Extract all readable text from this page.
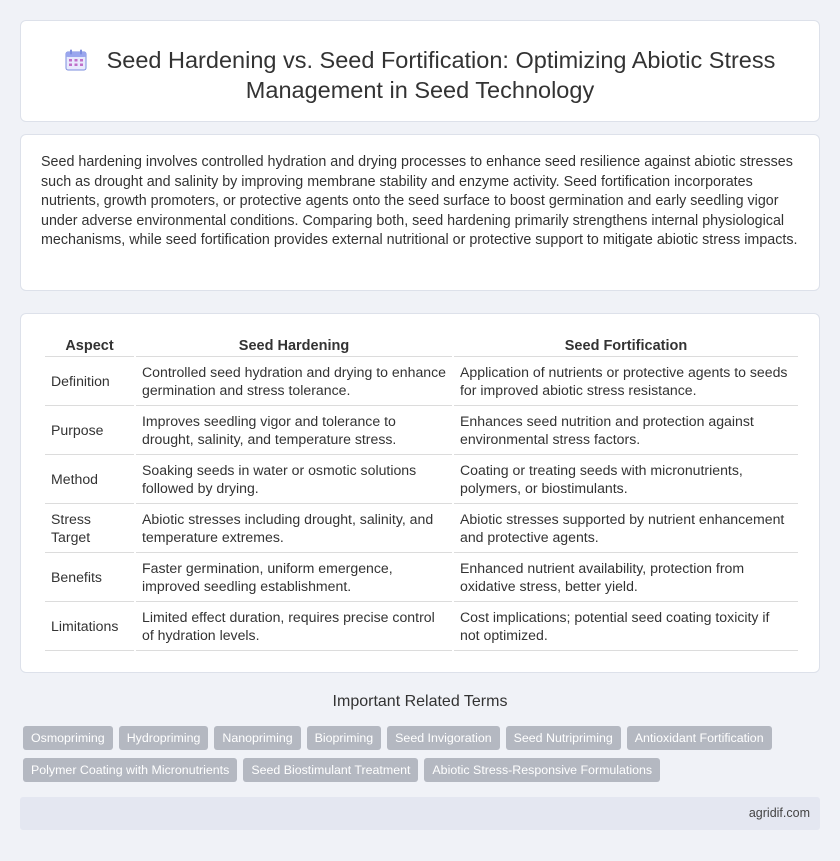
Seed Hardening vs. Seed Fortification: Optimizing Abiotic Stress Management in Seed Technology

Seed hardening involves controlled hydration and drying processes to enhance seed resilience against abiotic stresses such as drought and salinity by improving membrane stability and enzyme activity. Seed fortification incorporates nutrients, growth promoters, or protective agents onto the seed surface to boost germination and early seedling vigor under adverse environmental conditions. Comparing both, seed hardening primarily strengthens internal physiological mechanisms, while seed fortification provides external nutritional or protective support to mitigate abiotic stress impacts.

Aspect	Seed Hardening	Seed Fortification
Definition	Controlled seed hydration and drying to enhance germination and stress tolerance.	Application of nutrients or protective agents to seeds for improved abiotic stress resistance.
Purpose	Improves seedling vigor and tolerance to drought, salinity, and temperature stress.	Enhances seed nutrition and protection against environmental stress factors.
Method	Soaking seeds in water or osmotic solutions followed by drying.	Coating or treating seeds with micronutrients, polymers, or biostimulants.
Stress Target	Abiotic stresses including drought, salinity, and temperature extremes.	Abiotic stresses supported by nutrient enhancement and protective agents.
Benefits	Faster germination, uniform emergence, improved seedling establishment.	Enhanced nutrient availability, protection from oxidative stress, better yield.
Limitations	Limited effect duration, requires precise control of hydration levels.	Cost implications; potential seed coating toxicity if not optimized.
Important Related Terms
Osmopriming Hydropriming Nanopriming Biopriming Seed Invigoration Seed Nutripriming Antioxidant FortificationPolymer Coating with Micronutrients Seed Biostimulant Treatment Abiotic Stress-Responsive Formulations
agridif.com
